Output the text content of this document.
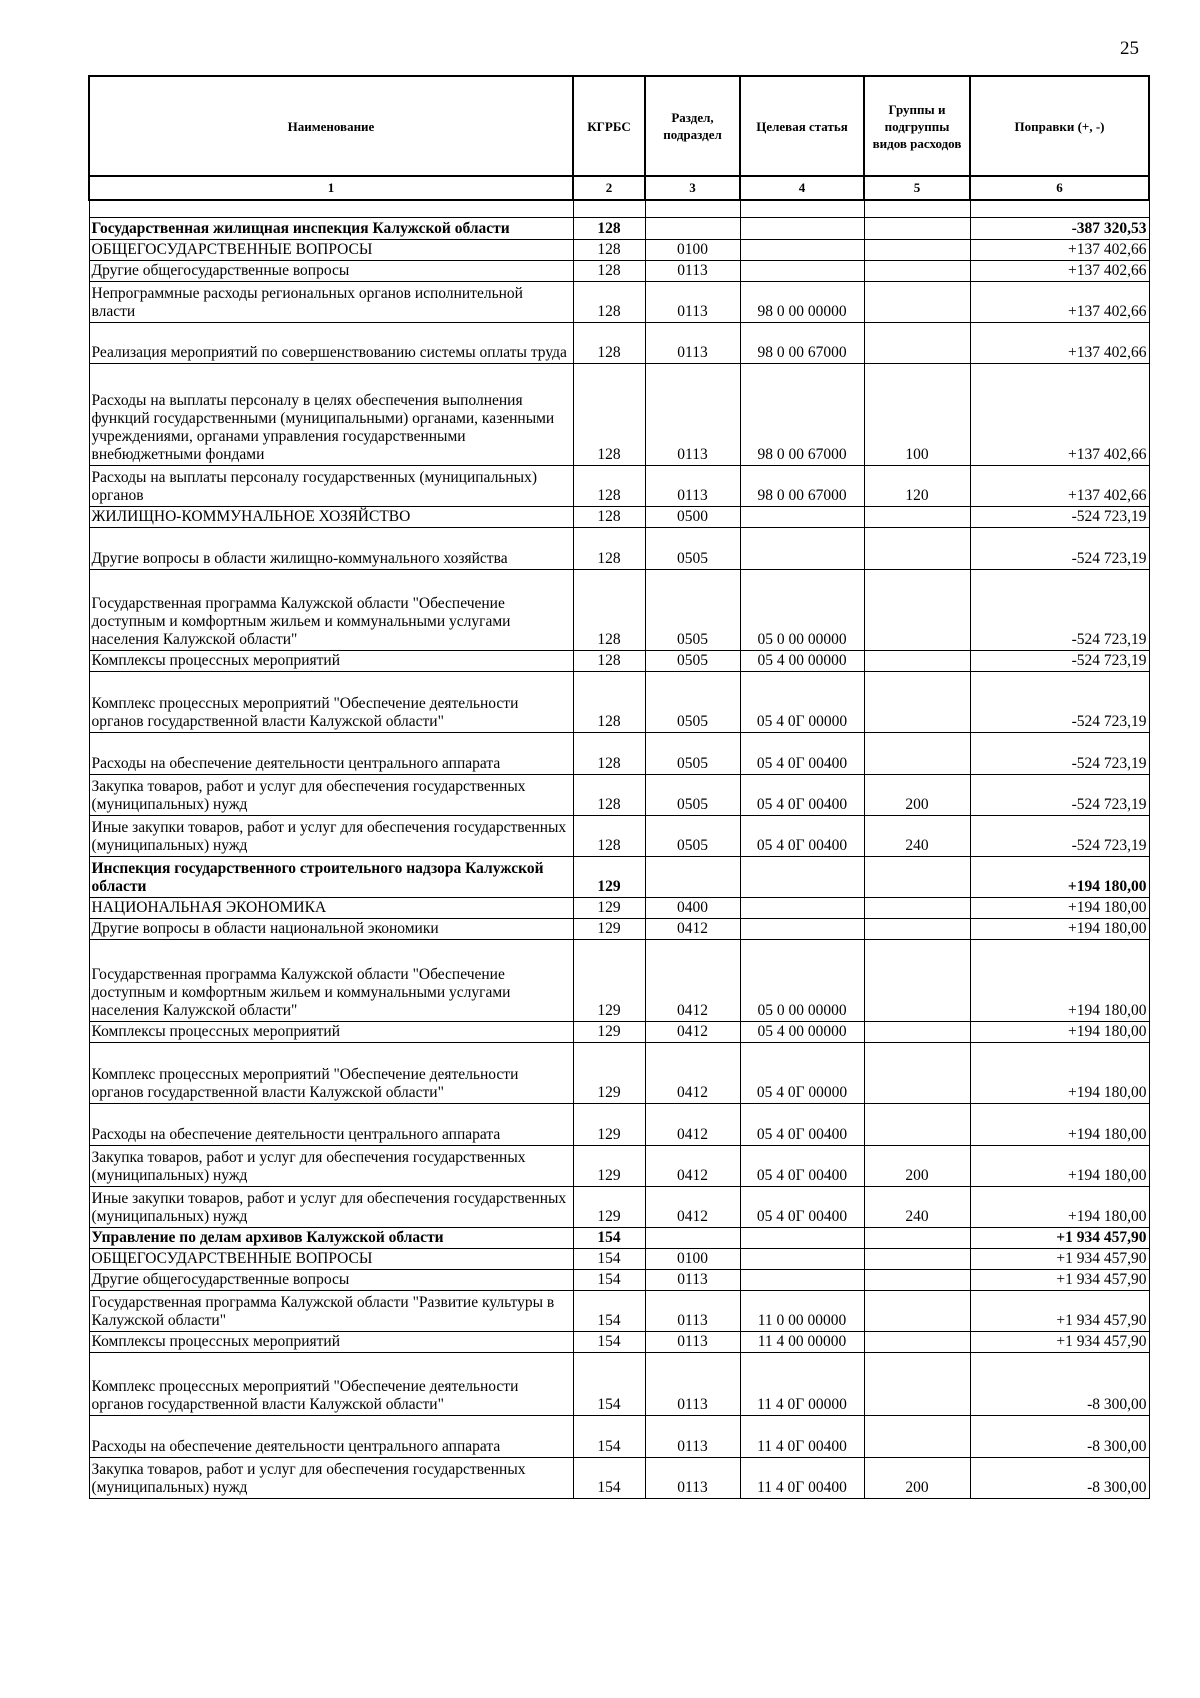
25
Наименование	КГРБС	Раздел, подраздел	Целевая статья	Группы и подгруппы видов расходов	Поправки (+, -)
1	2	3	4	5	6

Государственная жилищная инспекция Калужской области	128				-387 320,53
ОБЩЕГОСУДАРСТВЕННЫЕ ВОПРОСЫ	128	0100			+137 402,66
Другие общегосударственные вопросы	128	0113			+137 402,66
Непрограммные расходы региональных органов исполнительной власти	128	0113	98 0 00 00000		+137 402,66
Реализация мероприятий по совершенствованию системы оплаты труда	128	0113	98 0 00 67000		+137 402,66
Расходы на выплаты персоналу в целях обеспечения выполнения функций государственными (муниципальными) органами, казенными учреждениями, органами управления государственными внебюджетными фондами	128	0113	98 0 00 67000	100	+137 402,66
Расходы на выплаты персоналу государственных (муниципальных) органов	128	0113	98 0 00 67000	120	+137 402,66
ЖИЛИЩНО-КОММУНАЛЬНОЕ ХОЗЯЙСТВО	128	0500			-524 723,19
Другие вопросы в области жилищно-коммунального хозяйства	128	0505			-524 723,19
Государственная программа Калужской области "Обеспечение доступным и комфортным жильем и коммунальными услугами населения Калужской области"	128	0505	05 0 00 00000		-524 723,19
Комплексы процессных мероприятий	128	0505	05 4 00 00000		-524 723,19
Комплекс процессных мероприятий "Обеспечение деятельности органов государственной власти Калужской области"	128	0505	05 4 0Г 00000		-524 723,19
Расходы на обеспечение деятельности центрального аппарата	128	0505	05 4 0Г 00400		-524 723,19
Закупка товаров, работ и услуг для обеспечения государственных (муниципальных) нужд	128	0505	05 4 0Г 00400	200	-524 723,19
Иные закупки товаров, работ и услуг для обеспечения государственных (муниципальных) нужд	128	0505	05 4 0Г 00400	240	-524 723,19
Инспекция государственного строительного надзора Калужской области	129				+194 180,00
НАЦИОНАЛЬНАЯ ЭКОНОМИКА	129	0400			+194 180,00
Другие вопросы в области национальной экономики	129	0412			+194 180,00
Государственная программа Калужской области "Обеспечение доступным и комфортным жильем и коммунальными услугами населения Калужской области"	129	0412	05 0 00 00000		+194 180,00
Комплексы процессных мероприятий	129	0412	05 4 00 00000		+194 180,00
Комплекс процессных мероприятий "Обеспечение деятельности органов государственной власти Калужской области"	129	0412	05 4 0Г 00000		+194 180,00
Расходы на обеспечение деятельности центрального аппарата	129	0412	05 4 0Г 00400		+194 180,00
Закупка товаров, работ и услуг для обеспечения государственных (муниципальных) нужд	129	0412	05 4 0Г 00400	200	+194 180,00
Иные закупки товаров, работ и услуг для обеспечения государственных (муниципальных) нужд	129	0412	05 4 0Г 00400	240	+194 180,00
Управление по делам архивов Калужской области	154				+1 934 457,90
ОБЩЕГОСУДАРСТВЕННЫЕ ВОПРОСЫ	154	0100			+1 934 457,90
Другие общегосударственные вопросы	154	0113			+1 934 457,90
Государственная программа Калужской области "Развитие культуры в Калужской области"	154	0113	11 0 00 00000		+1 934 457,90
Комплексы процессных мероприятий	154	0113	11 4 00 00000		+1 934 457,90
Комплекс процессных мероприятий "Обеспечение деятельности органов государственной власти Калужской области"	154	0113	11 4 0Г 00000		-8 300,00
Расходы на обеспечение деятельности центрального аппарата	154	0113	11 4 0Г 00400		-8 300,00
Закупка товаров, работ и услуг для обеспечения государственных (муниципальных) нужд	154	0113	11 4 0Г 00400	200	-8 300,00
